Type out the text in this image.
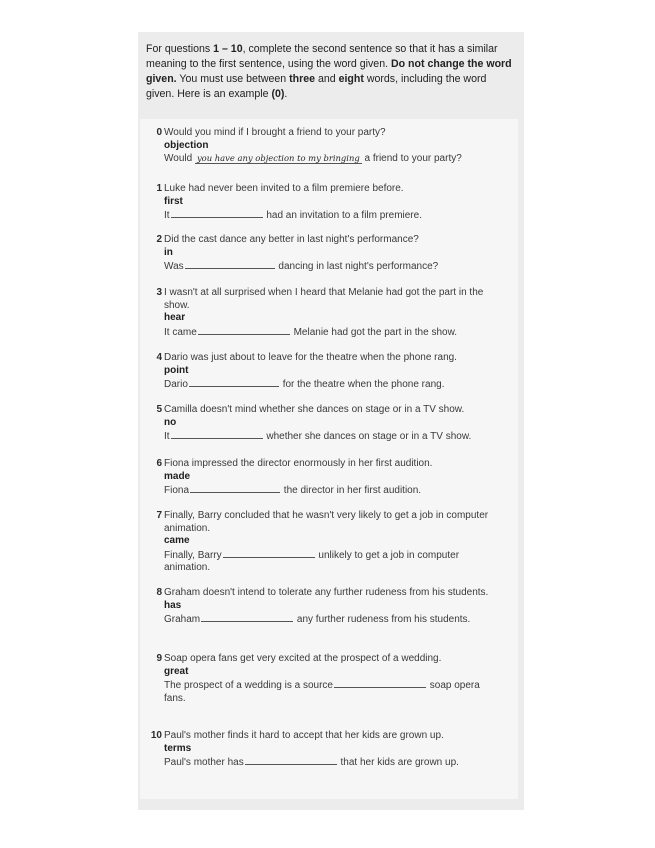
For questions 1 – 10, complete the second sentence so that it has a similar meaning to the first sentence, using the word given. Do not change the word given. You must use between three and eight words, including the word given. Here is an example (0).
0 Would you mind if I brought a friend to your party?
objection
Would you have any objection to my bringing a friend to your party?
1 Luke had never been invited to a film premiere before.
first
It	had an invitation to a film premiere.
2 Did the cast dance any better in last night's performance?
in
Was	dancing in last night's performance?
3 I wasn't at all surprised when I heard that Melanie had got the part in the show.
hear
It came	Melanie had got the part in the show.
4 Dario was just about to leave for the theatre when the phone rang.
point
Dario	for the theatre when the phone rang.
5 Camilla doesn't mind whether she dances on stage or in a TV show.
no
It	whether she dances on stage or in a TV show.
6 Fiona impressed the director enormously in her first audition.
made
Fiona	the director in her first audition.
7 Finally, Barry concluded that he wasn't very likely to get a job in computer animation.
came
Finally, Barry	unlikely to get a job in computer animation.
8 Graham doesn't intend to tolerate any further rudeness from his students.
has
Graham	any further rudeness from his students.
9 Soap opera fans get very excited at the prospect of a wedding.
great
The prospect of a wedding is a source	soap opera fans.
10 Paul's mother finds it hard to accept that her kids are grown up.
terms
Paul's mother has	that her kids are grown up.
